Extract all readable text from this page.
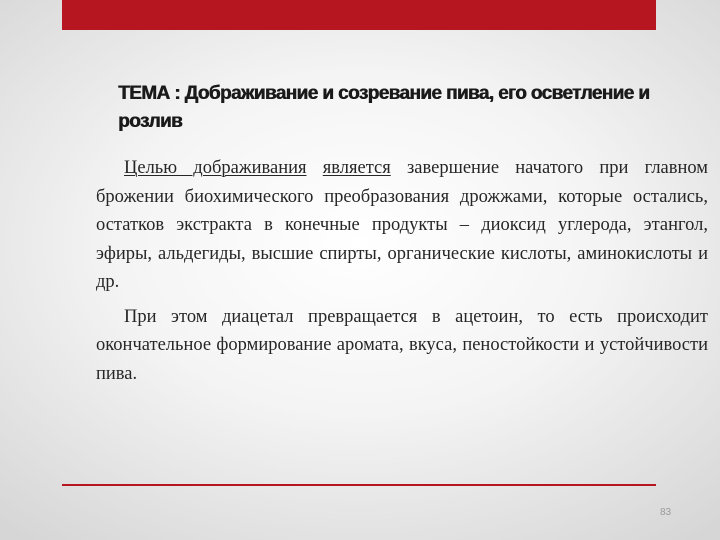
ТЕМА : Дображивание и созревание пива, его осветление и розлив

Целью дображивания является завершение начатого при главном брожении биохимического преобразования дрожжами, которые остались, остатков экстракта в конечные продукты – диоксид углерода, этангол, эфиры, альдегиды, высшие спирты, органические кислоты, аминокислоты и др.

При этом диацетал превращается в ацетоин, то есть происходит окончательное формирование аромата, вкуса, пеностойкости и устойчивости пива.

83
